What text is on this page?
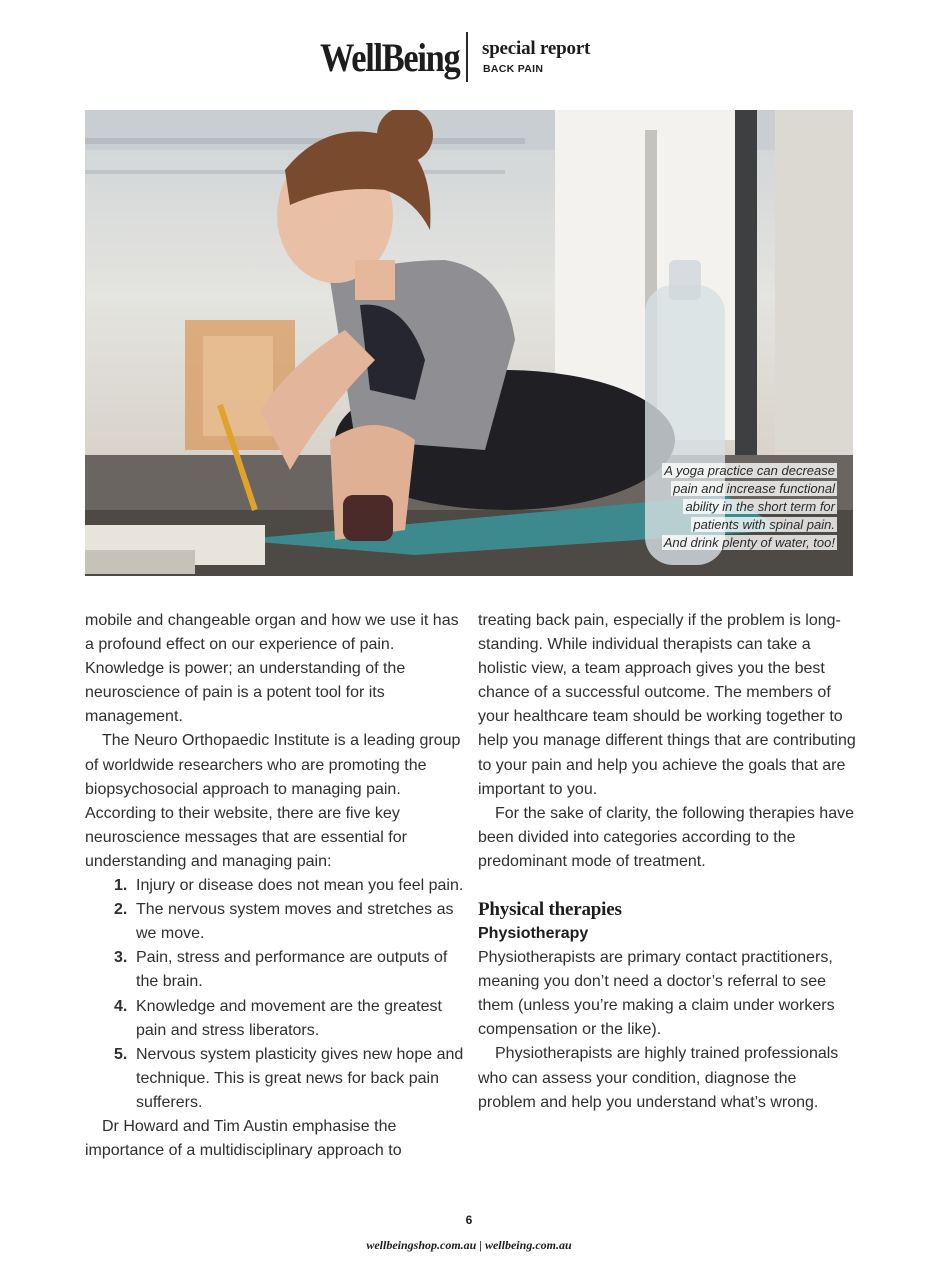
WellBeing special report
BACK PAIN
A yoga practice can decrease
pain and increase functional
ability in the short term for
patients with spinal pain.
And drink plenty of water, too!

mobile and changeable organ and how we use it has a profound effect on our experience of pain. Knowledge is power; an understanding of the neuroscience of pain is a potent tool for its management.

The Neuro Orthopaedic Institute is a leading group of worldwide researchers who are promoting the biopsychosocial approach to managing pain. According to their website, there are five key neuroscience messages that are essential for understanding and managing pain:

1. Injury or disease does not mean you feel pain.
2. The nervous system moves and stretches as we move.
3. Pain, stress and performance are outputs of the brain.
4. Knowledge and movement are the greatest pain and stress liberators.
5. Nervous system plasticity gives new hope and technique. This is great news for back pain sufferers.

Dr Howard and Tim Austin emphasise the importance of a multidisciplinary approach to

treating back pain, especially if the problem is long-standing. While individual therapists can take a holistic view, a team approach gives you the best chance of a successful outcome. The members of your healthcare team should be working together to help you manage different things that are contributing to your pain and help you achieve the goals that are important to you.

For the sake of clarity, the following therapies have been divided into categories according to the predominant mode of treatment.

Physical therapies
Physiotherapy

Physiotherapists are primary contact practitioners, meaning you don’t need a doctor’s referral to see them (unless you’re making a claim under workers compensation or the like).

Physiotherapists are highly trained professionals who can assess your condition, diagnose the problem and help you understand what’s wrong.

6
wellbeingshop.com.au | wellbeing.com.au
